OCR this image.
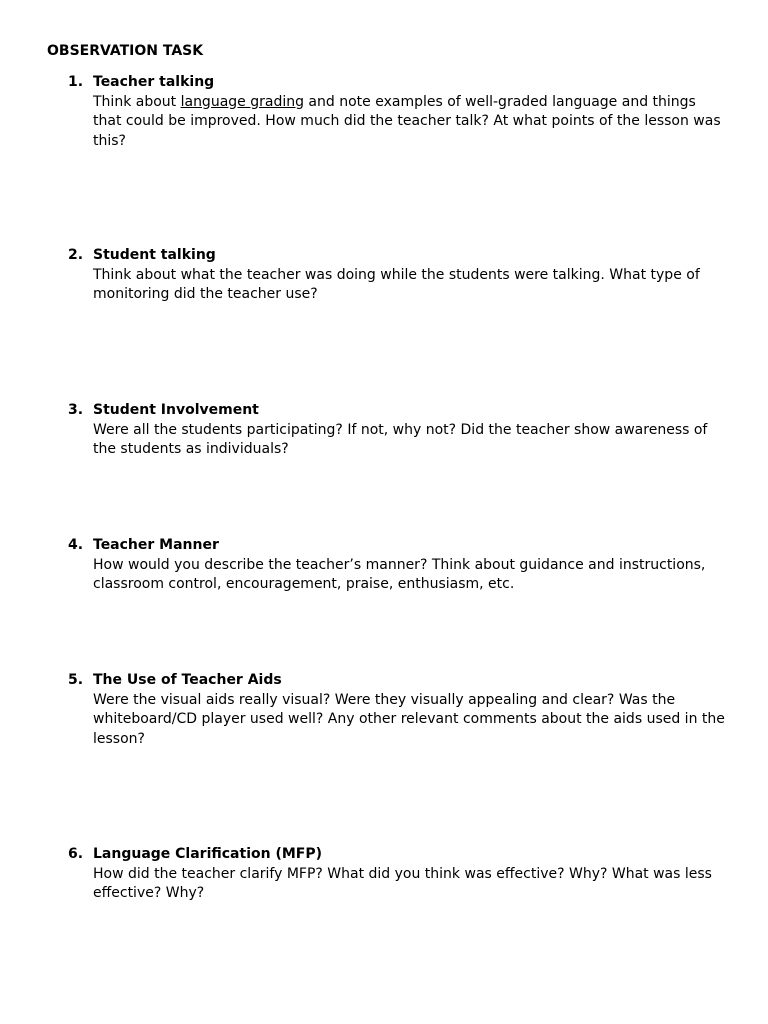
OBSERVATION TASK
1. Teacher talking
Think about language grading and note examples of well-graded language and things that could be improved. How much did the teacher talk? At what points of the lesson was this?
2. Student talking
Think about what the teacher was doing while the students were talking. What type of monitoring did the teacher use?
3. Student Involvement
Were all the students participating? If not, why not? Did the teacher show awareness of the students as individuals?
4. Teacher Manner
How would you describe the teacher’s manner? Think about guidance and instructions, classroom control, encouragement, praise, enthusiasm, etc.
5. The Use of Teacher Aids
Were the visual aids really visual? Were they visually appealing and clear? Was the whiteboard/CD player used well? Any other relevant comments about the aids used in the lesson?
6. Language Clarification (MFP)
How did the teacher clarify MFP? What did you think was effective? Why? What was less effective? Why?
